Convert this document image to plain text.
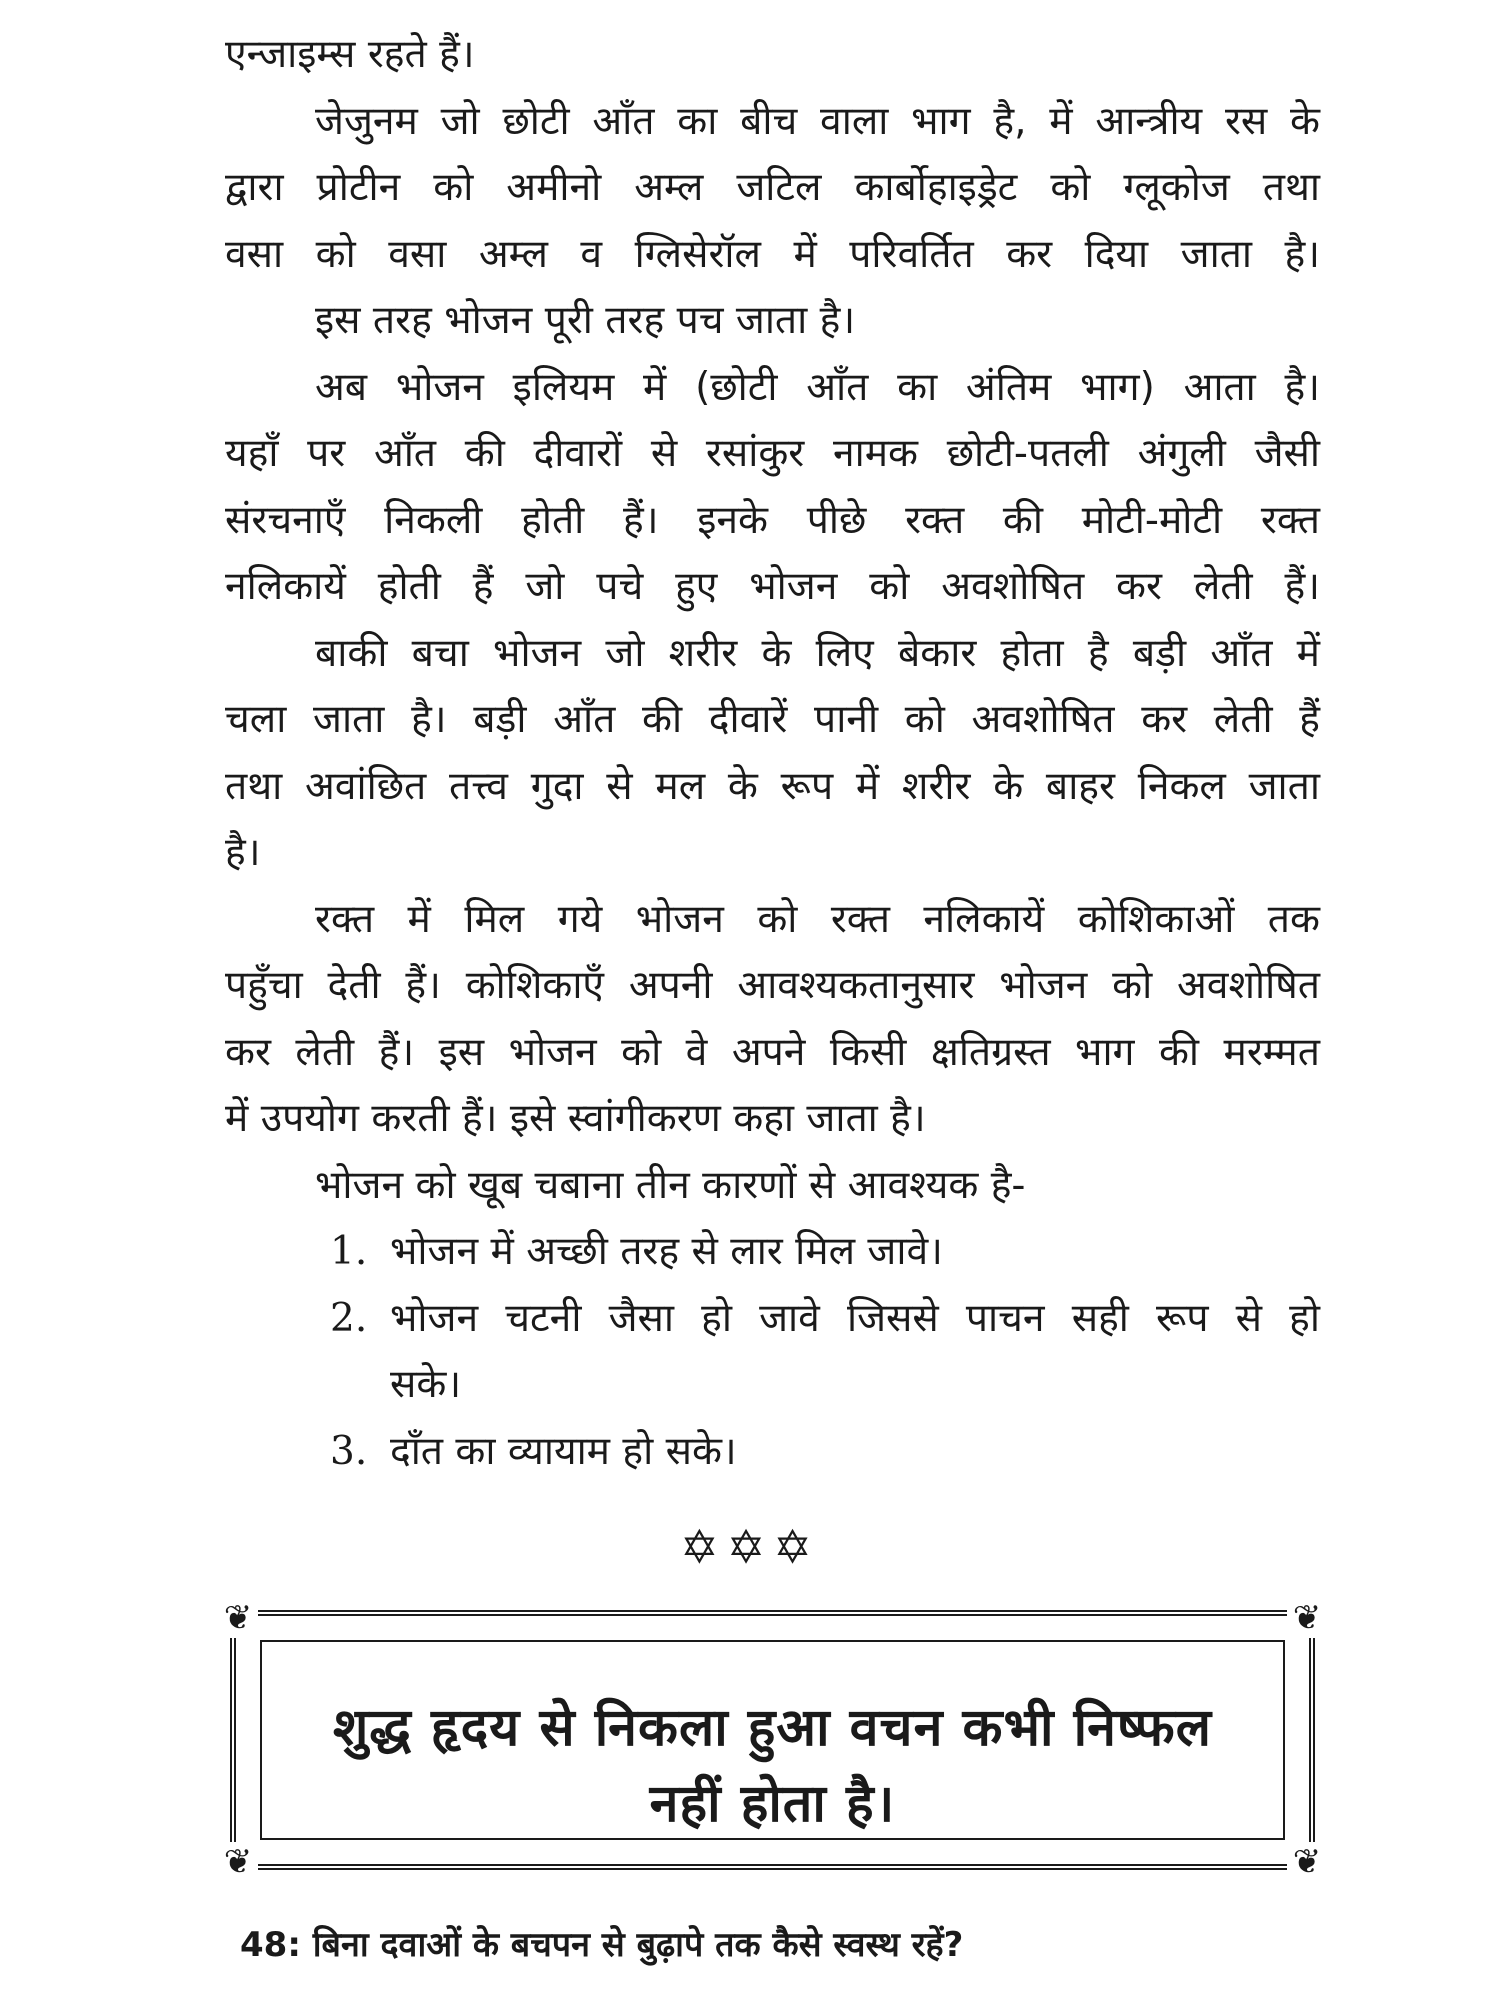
एन्जाइम्स रहते हैं।
जेजुनम जो छोटी आँत का बीच वाला भाग है, में आन्त्रीय रस के
द्वारा प्रोटीन को अमीनो अम्ल जटिल कार्बोहाइड्रेट को ग्लूकोज तथा
वसा को वसा अम्ल व ग्लिसेरॉल में परिवर्तित कर दिया जाता है।
इस तरह भोजन पूरी तरह पच जाता है।
अब भोजन इलियम में (छोटी आँत का अंतिम भाग) आता है।
यहाँ पर आँत की दीवारों से रसांकुर नामक छोटी-पतली अंगुली जैसी
संरचनाएँ निकली होती हैं। इनके पीछे रक्त की मोटी-मोटी रक्त
नलिकायें होती हैं जो पचे हुए भोजन को अवशोषित कर लेती हैं।
बाकी बचा भोजन जो शरीर के लिए बेकार होता है बड़ी आँत में
चला जाता है। बड़ी आँत की दीवारें पानी को अवशोषित कर लेती हैं
तथा अवांछित तत्त्व गुदा से मल के रूप में शरीर के बाहर निकल जाता
है।
रक्त में मिल गये भोजन को रक्त नलिकायें कोशिकाओं तक
पहुँचा देती हैं। कोशिकाएँ अपनी आवश्यकतानुसार भोजन को अवशोषित
कर लेती हैं। इस भोजन को वे अपने किसी क्षतिग्रस्त भाग की मरम्मत
में उपयोग करती हैं। इसे स्वांगीकरण कहा जाता है।
भोजन को खूब चबाना तीन कारणों से आवश्यक है-
1. भोजन में अच्छी तरह से लार मिल जावे।
2. भोजन चटनी जैसा हो जावे जिससे पाचन सही रूप से हो
सके।
3. दाँत का व्यायाम हो सके।
✡✡✡
❦	❦
❦	❦
शुद्ध हृदय से निकला हुआ वचन कभी निष्फल
नहीं होता है।
48: बिना दवाओं के बचपन से बुढ़ापे तक कैसे स्वस्थ रहें?
